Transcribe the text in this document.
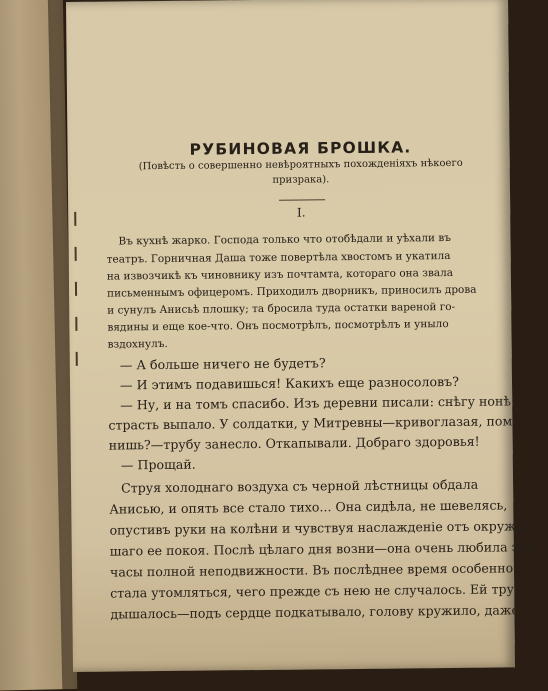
РУБИНОВАЯ БРОШКА.
(Повѣсть о совершенно невѣроятныхъ похожденіяхъ нѣкоего
призрака).
I.
Въ кухнѣ жарко. Господа только что отобѣдали и уѣхали въ
театръ. Горничная Даша тоже повертѣла хвостомъ и укатила
на извозчикѣ къ чиновнику изъ почтамта, котораго она звала
письменнымъ офицеромъ. Приходилъ дворникъ, приносилъ дрова
и сунулъ Анисьѣ плошку; та бросила туда остатки вареной го-
вядины и еще кое-что. Онъ посмотрѣлъ, посмотрѣлъ и уныло
вздохнулъ.
— А больше ничего не будетъ?
— И этимъ подавишься! Какихъ еще разносоловъ?
— Ну, и на томъ спасибо. Изъ деревни писали: снѣгу нонѣ
страсть выпало. У солдатки, у Митревны—кривоглазая, пом-
нишь?—трубу занесло. Откапывали. Добраго здоровья!
— Прощай.
Струя холоднаго воздуха съ черной лѣстницы обдала
Анисью, и опять все стало тихо... Она сидѣла, не шевелясь,
опустивъ руки на колѣни и чувствуя наслажденіе отъ окружав-
шаго ее покоя. Послѣ цѣлаго дня возни—она очень любила эти
часы полной неподвижности. Въ послѣднее время особенно. Она
стала утомляться, чего прежде съ нею не случалось. Ей трудно
дышалось—подъ сердце подкатывало, голову кружило, даже
